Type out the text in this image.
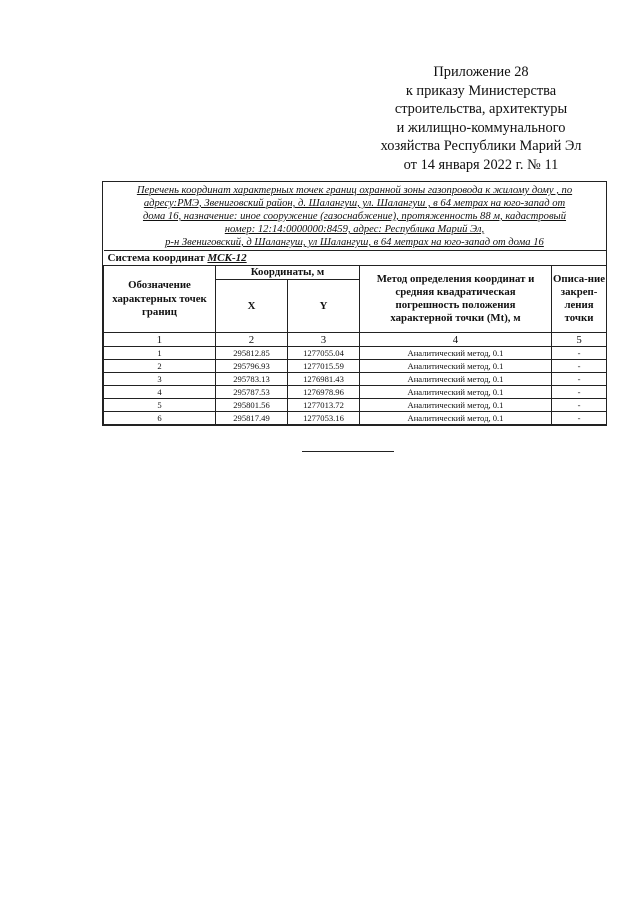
Приложение 28
к приказу Министерства
строительства, архитектуры
и жилищно-коммунального
хозяйства Республики Марий Эл
от 14 января 2022 г. № 11
Перечень координат характерных точек границ охранной зоны газопровода к жилому дому , по
адресу:РМЭ, Звениговский район, д. Шалангуш, ул. Шалангуш , в 64 метрах на юго-запад от
дома 16, назначение: иное сооружение (газоснабжение), протяженность 88 м, кадастровый
номер: 12:14:0000000:8459, адрес: Республика Марий Эл,
р-н Звениговский, д Шалангуш, ул Шалангуш, в 64 метрах на юго-запад от дома 16
Система координат МСК-12				
Обозначение характерных точек границ	Координаты, м		Метод определения координат и средняя квадратическая погрешность положения характерной точки (Mt), м	Описа-ние закреп-ления точки
	X	Y		
1	2	3	4	5
1	295812.85	1277055.04	Аналитический метод, 0.1	-
2	295796.93	1277015.59	Аналитический метод, 0.1	-
3	295783.13	1276981.43	Аналитический метод, 0.1	-
4	295787.53	1276978.96	Аналитический метод, 0.1	-
5	295801.56	1277013.72	Аналитический метод, 0.1	-
6	295817.49	1277053.16	Аналитический метод, 0.1	-
